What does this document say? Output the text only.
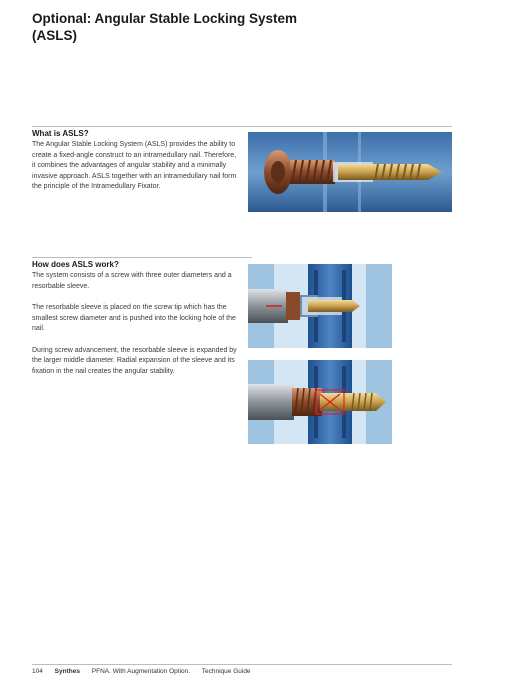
Optional: Angular Stable Locking System (ASLS)
What is ASLS?

The Angular Stable Locking System (ASLS) provides the ability to create a fixed-angle construct to an intramedullary nail. Therefore, it combines the advantages of angular stability and a minimally invasive approach. ASLS together with an intramedullary nail form the principle of the Intramedullary Fixator.

How does ASLS work?

The system consists of a screw with three outer diameters and a resorbable sleeve.

The resorbable sleeve is placed on the screw tip which has the smallest screw diameter and is pushed into the locking hole of the nail.

During screw advancement, the resorbable sleeve is expanded by the larger middle diameter. Radial expansion of the sleeve and its fixation in the nail creates the angular stability.

104 Synthes PFNA. With Augmentation Option. Technique Guide
